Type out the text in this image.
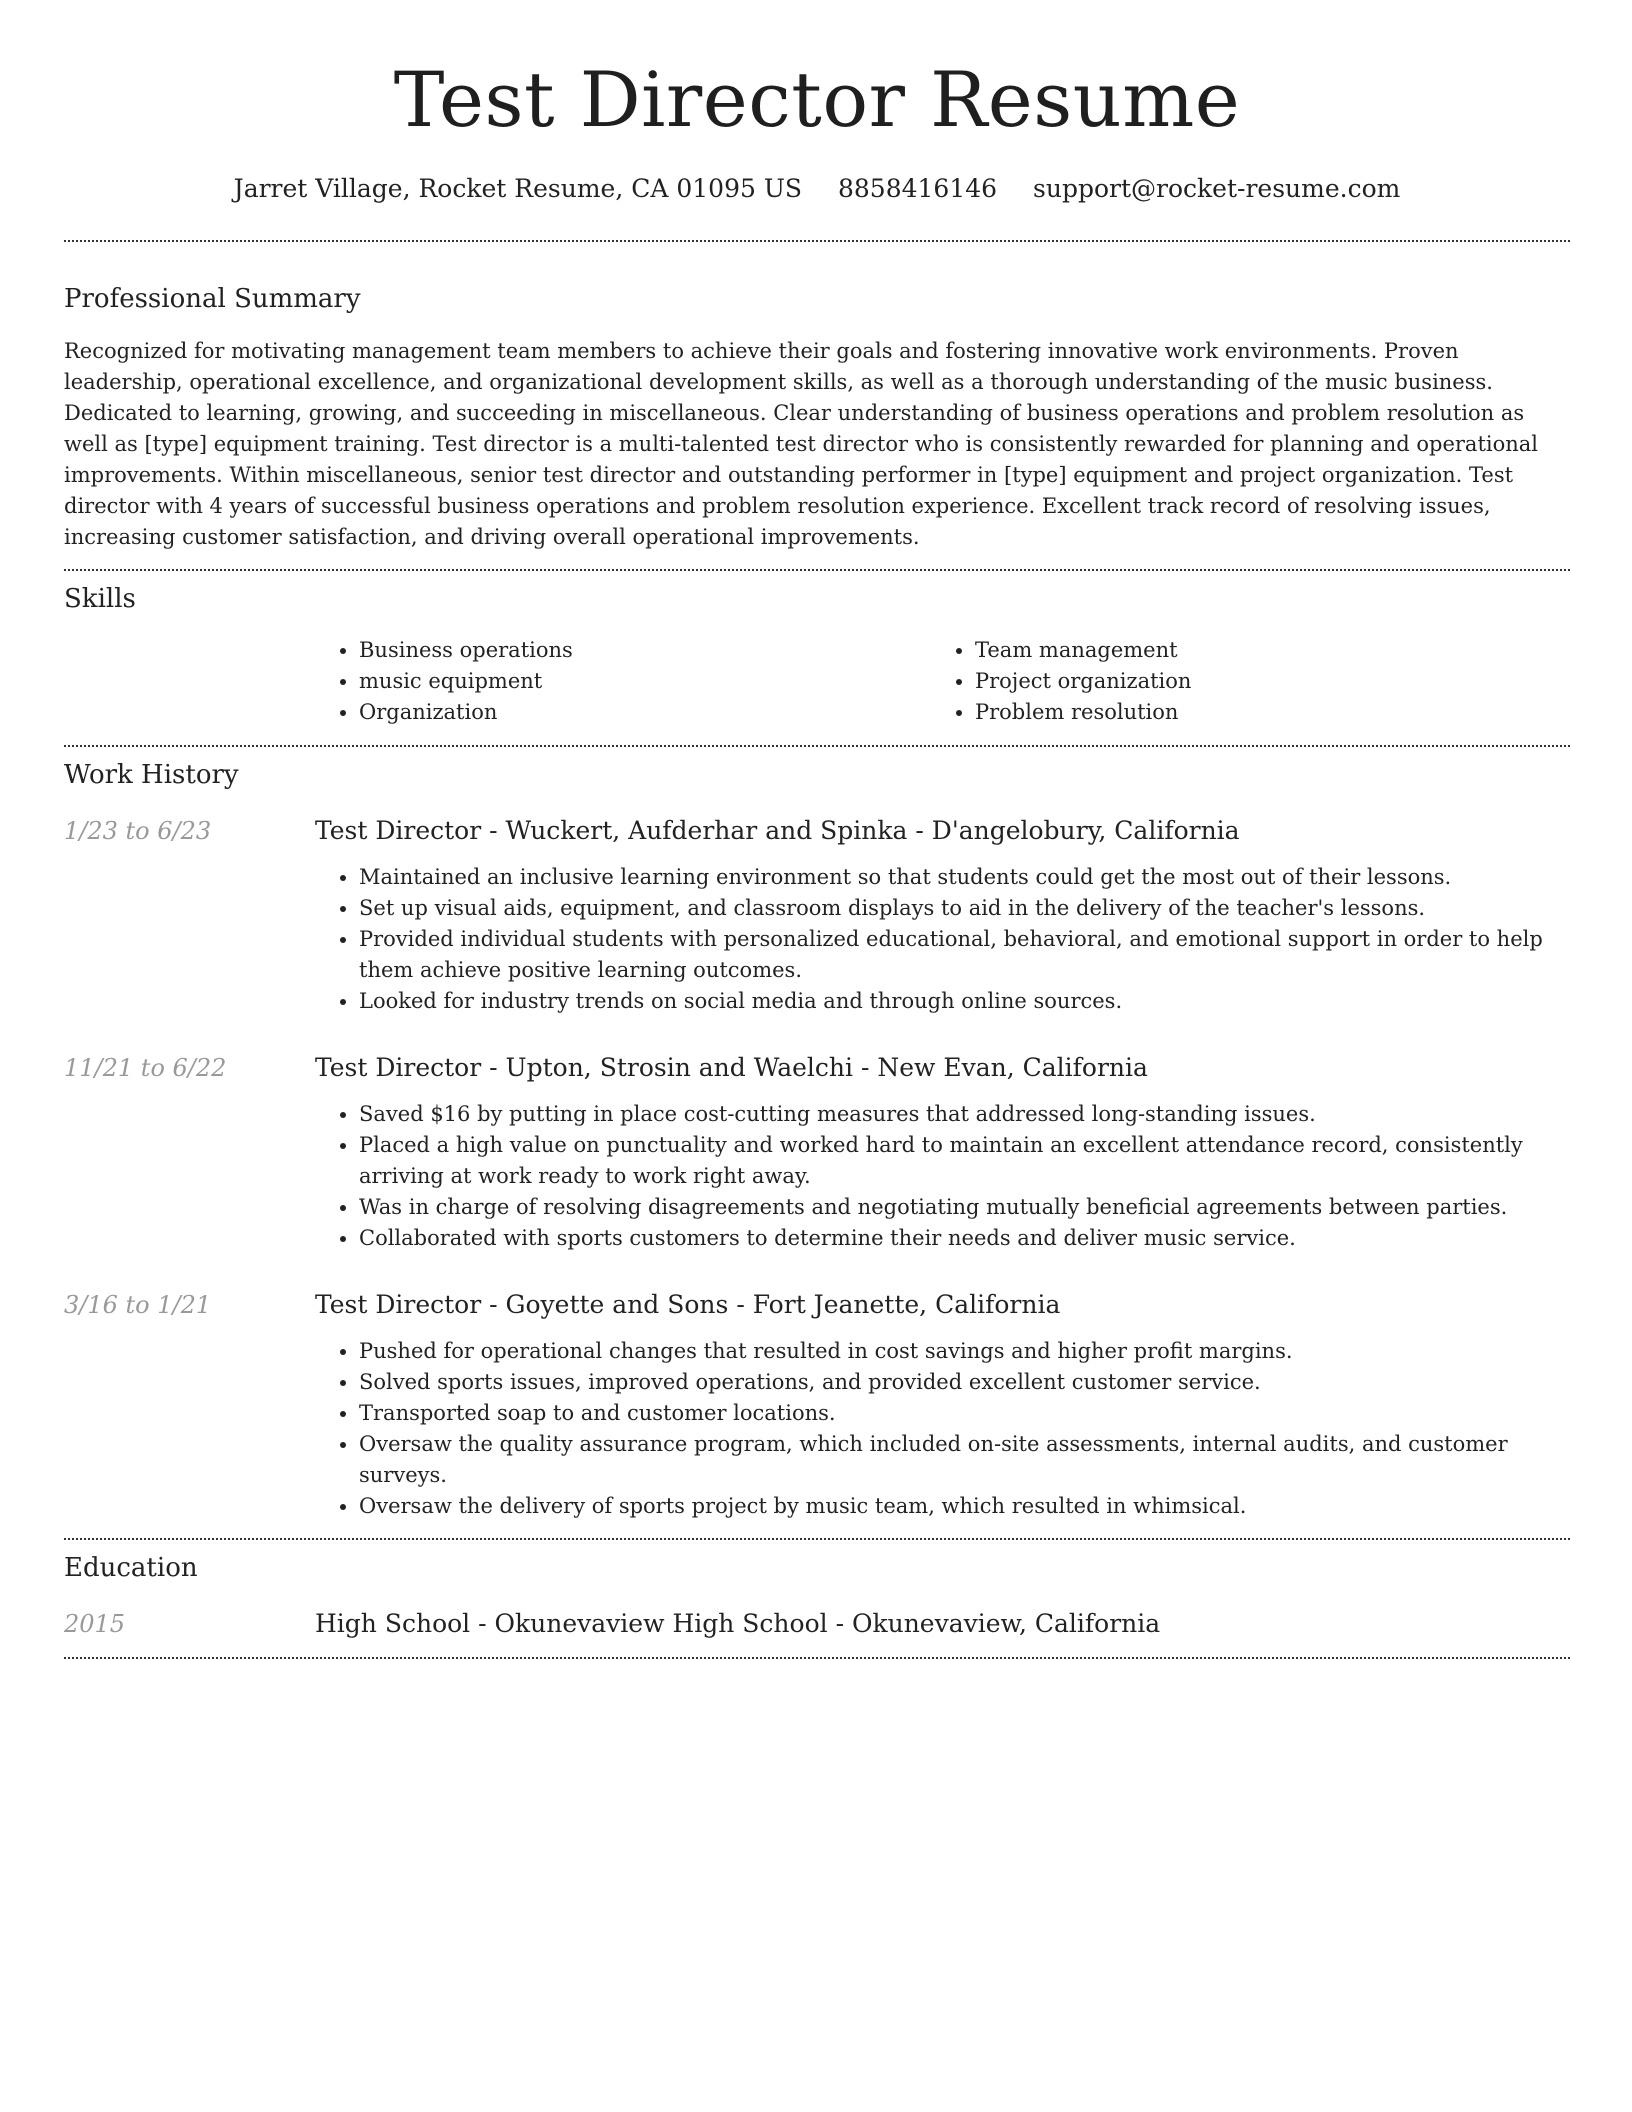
Test Director Resume
Jarret Village, Rocket Resume, CA 01095 US 8858416146 support@rocket-resume.com
Professional Summary

Recognized for motivating management team members to achieve their goals and fostering innovative work environments. Proven leadership, operational excellence, and organizational development skills, as well as a thorough understanding of the music business. Dedicated to learning, growing, and succeeding in miscellaneous. Clear understanding of business operations and problem resolution as well as [type] equipment training. Test director is a multi-talented test director who is consistently rewarded for planning and operational improvements. Within miscellaneous, senior test director and outstanding performer in [type] equipment and project organization. Test director with 4 years of successful business operations and problem resolution experience. Excellent track record of resolving issues, increasing customer satisfaction, and driving overall operational improvements.

Skills
• Business operations
• music equipment
• Organization
• Team management
• Project organization
• Problem resolution
Work History
1/23 to 6/23	Test Director - Wuckert, Aufderhar and Spinka - D'angelobury, California
• Maintained an inclusive learning environment so that students could get the most out of their lessons.
• Set up visual aids, equipment, and classroom displays to aid in the delivery of the teacher's lessons.
• Provided individual students with personalized educational, behavioral, and emotional support in order to help them achieve positive learning outcomes.
• Looked for industry trends on social media and through online sources.
11/21 to 6/22	Test Director - Upton, Strosin and Waelchi - New Evan, California
• Saved $16 by putting in place cost-cutting measures that addressed long-standing issues.
• Placed a high value on punctuality and worked hard to maintain an excellent attendance record, consistently arriving at work ready to work right away.
• Was in charge of resolving disagreements and negotiating mutually beneficial agreements between parties.
• Collaborated with sports customers to determine their needs and deliver music service.
3/16 to 1/21	Test Director - Goyette and Sons - Fort Jeanette, California
• Pushed for operational changes that resulted in cost savings and higher profit margins.
• Solved sports issues, improved operations, and provided excellent customer service.
• Transported soap to and customer locations.
• Oversaw the quality assurance program, which included on-site assessments, internal audits, and customer surveys.
• Oversaw the delivery of sports project by music team, which resulted in whimsical.
Education
2015	High School - Okunevaview High School - Okunevaview, California
